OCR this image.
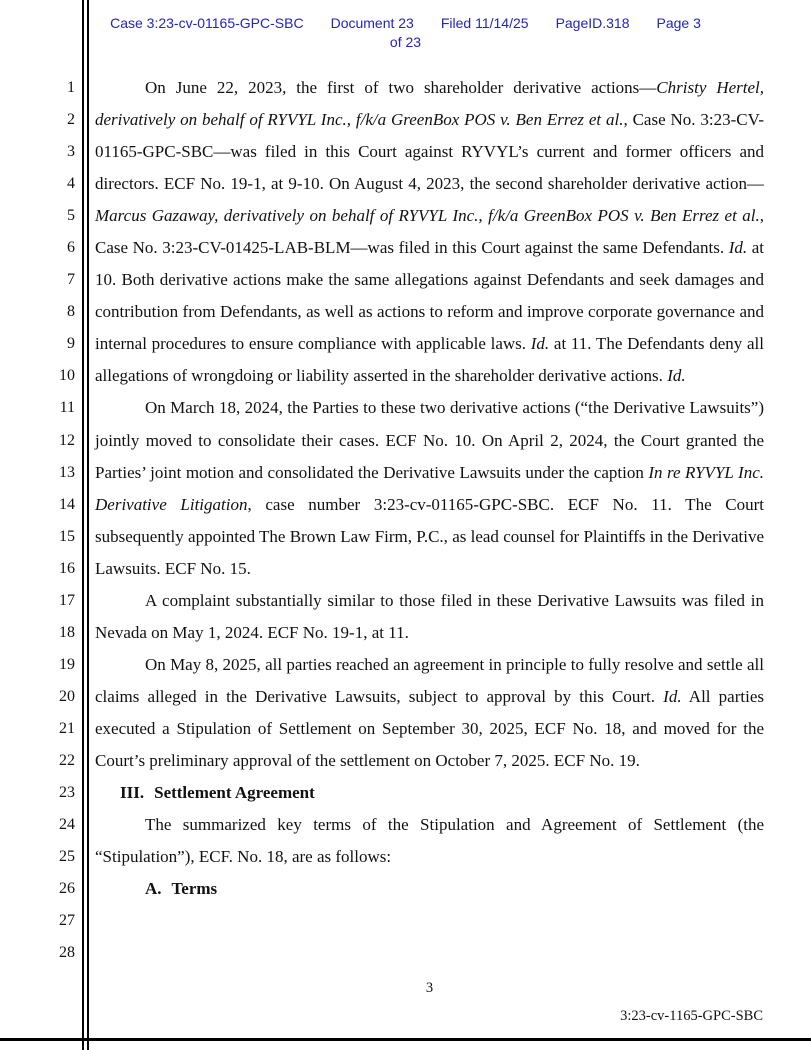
Case 3:23-cv-01165-GPC-SBC Document 23 Filed 11/14/25 PageID.318 Page 3
of 23
1
2
3
4
5
6
7
8
9
10
11
12
13
14
15
16
17
18
19
20
21
22
23
24
25
26
27
28

On June 22, 2023, the first of two shareholder derivative actions—Christy Hertel, derivatively on behalf of RYVYL Inc., f/k/a GreenBox POS v. Ben Errez et al., Case No. 3:23-CV-01165-GPC-SBC—was filed in this Court against RYVYL’s current and former officers and directors. ECF No. 19-1, at 9-10. On August 4, 2023, the second shareholder derivative action—Marcus Gazaway, derivatively on behalf of RYVYL Inc., f/k/a GreenBox POS v. Ben Errez et al., Case No. 3:23-CV-01425-LAB-BLM—was filed in this Court against the same Defendants. Id. at 10. Both derivative actions make the same allegations against Defendants and seek damages and contribution from Defendants, as well as actions to reform and improve corporate governance and internal procedures to ensure compliance with applicable laws. Id. at 11. The Defendants deny all allegations of wrongdoing or liability asserted in the shareholder derivative actions. Id.

On March 18, 2024, the Parties to these two derivative actions (“the Derivative Lawsuits”) jointly moved to consolidate their cases. ECF No. 10. On April 2, 2024, the Court granted the Parties’ joint motion and consolidated the Derivative Lawsuits under the caption In re RYVYL Inc. Derivative Litigation, case number 3:23-cv-01165-GPC-SBC. ECF No. 11. The Court subsequently appointed The Brown Law Firm, P.C., as lead counsel for Plaintiffs in the Derivative Lawsuits. ECF No. 15.

A complaint substantially similar to those filed in these Derivative Lawsuits was filed in Nevada on May 1, 2024. ECF No. 19-1, at 11.

On May 8, 2025, all parties reached an agreement in principle to fully resolve and settle all claims alleged in the Derivative Lawsuits, subject to approval by this Court. Id. All parties executed a Stipulation of Settlement on September 30, 2025, ECF No. 18, and moved for the Court’s preliminary approval of the settlement on October 7, 2025. ECF No. 19.

III. Settlement Agreement

The summarized key terms of the Stipulation and Agreement of Settlement (the “Stipulation”), ECF. No. 18, are as follows:

A. Terms

3
3:23-cv-1165-GPC-SBC
